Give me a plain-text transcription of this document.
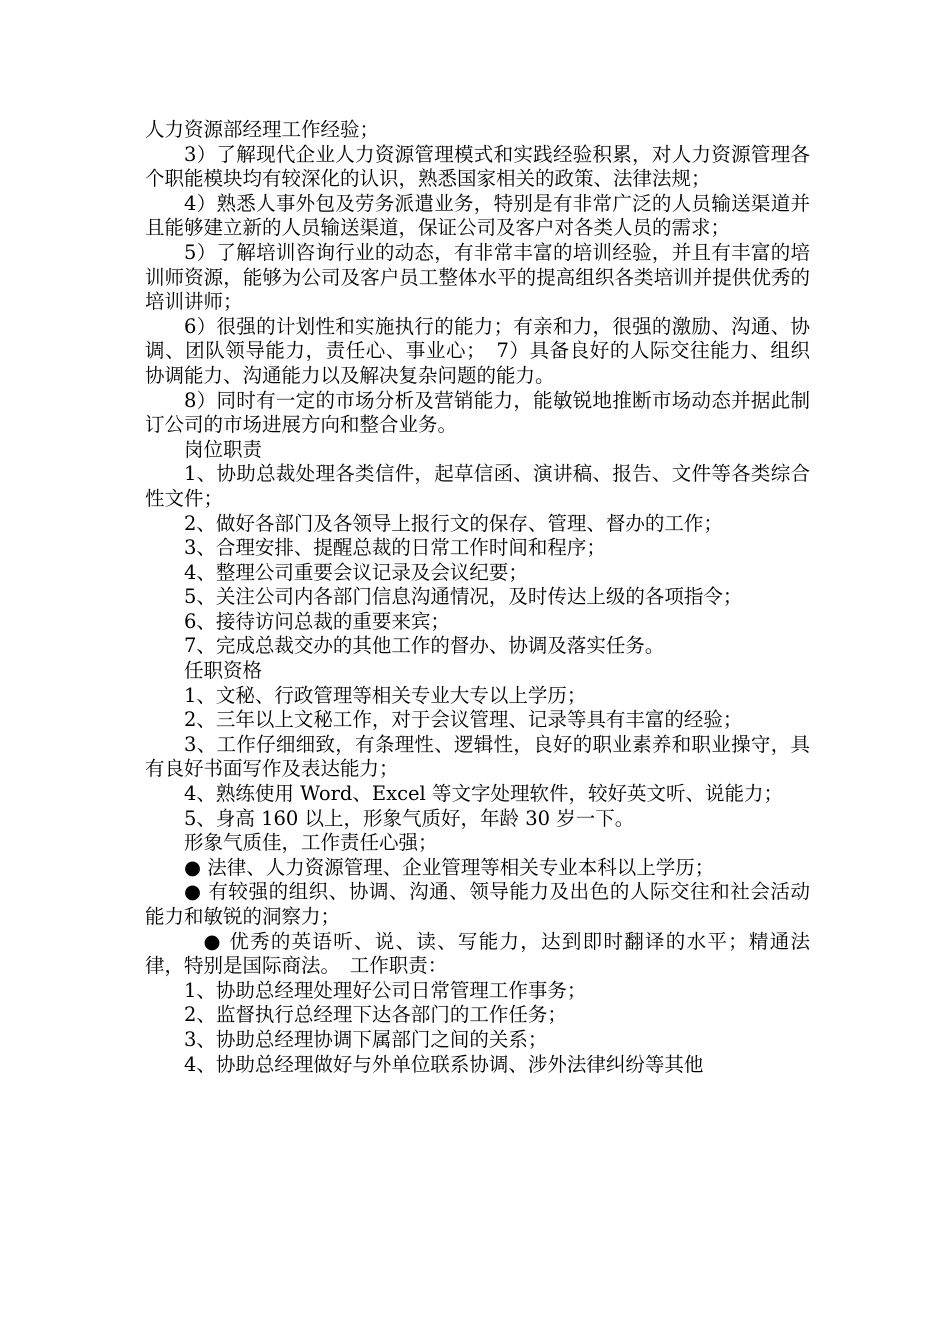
人力资源部经理工作经验；

3）了解现代企业人力资源管理模式和实践经验积累，对人力资源管理各个职能模块均有较深化的认识，熟悉国家相关的政策、法律法规；

4）熟悉人事外包及劳务派遣业务，特别是有非常广泛的人员输送渠道并且能够建立新的人员输送渠道，保证公司及客户对各类人员的需求；

5）了解培训咨询行业的动态，有非常丰富的培训经验，并且有丰富的培训师资源，能够为公司及客户员工整体水平的提高组织各类培训并提供优秀的培训讲师；

6）很强的计划性和实施执行的能力；有亲和力，很强的激励、沟通、协调、团队领导能力，责任心、事业心；　7）具备良好的人际交往能力、组织协调能力、沟通能力以及解决复杂问题的能力。

8）同时有一定的市场分析及营销能力，能敏锐地推断市场动态并据此制订公司的市场进展方向和整合业务。

岗位职责

1、协助总裁处理各类信件，起草信函、演讲稿、报告、文件等各类综合性文件；

2、做好各部门及各领导上报行文的保存、管理、督办的工作；

3、合理安排、提醒总裁的日常工作时间和程序；

4、整理公司重要会议记录及会议纪要；

5、关注公司内各部门信息沟通情况，及时传达上级的各项指令；

6、接待访问总裁的重要来宾；

7、完成总裁交办的其他工作的督办、协调及落实任务。

任职资格

1、文秘、行政管理等相关专业大专以上学历；

2、三年以上文秘工作，对于会议管理、记录等具有丰富的经验；

3、工作仔细细致，有条理性、逻辑性，良好的职业素养和职业操守，具有良好书面写作及表达能力；

4、熟练使用 Word、Excel 等文字处理软件，较好英文听、说能力；

5、身高 160 以上，形象气质好，年龄 30 岁一下。

形象气质佳，工作责任心强；

● 法律、人力资源管理、企业管理等相关专业本科以上学历；

● 有较强的组织、协调、沟通、领导能力及出色的人际交往和社会活动能力和敏锐的洞察力；

● 优秀的英语听、说、读、写能力，达到即时翻译的水平；精通法律，特别是国际商法。　工作职责：

1、协助总经理处理好公司日常管理工作事务；

2、监督执行总经理下达各部门的工作任务；

3、协助总经理协调下属部门之间的关系；

4、协助总经理做好与外单位联系协调、涉外法律纠纷等其他
